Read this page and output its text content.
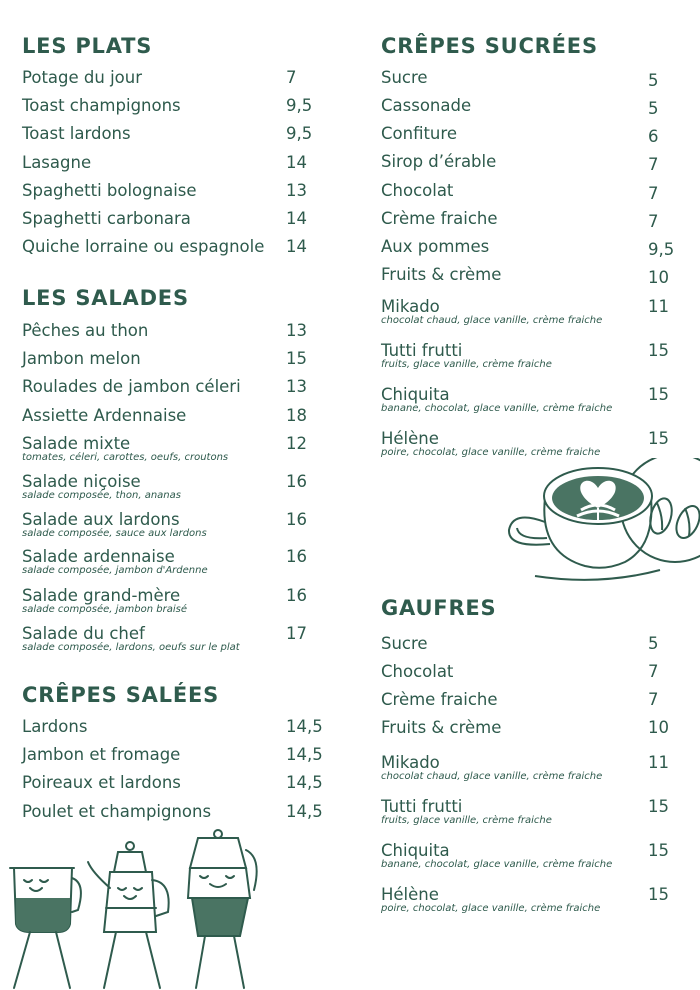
LES PLATS
Potage du jour	7
Toast champignons	9,5
Toast lardons	9,5
Lasagne	14
Spaghetti bolognaise	13
Spaghetti carbonara	14
Quiche lorraine ou espagnole 14
LES SALADES
Pêches au thon	13
Jambon melon	15
Roulades de jambon céleri	13
Assiette Ardennaise	18
Salade mixte	12
tomates, céleri, carottes, oeufs, croutons
Salade niçoise	16
salade composée, thon, ananas
Salade aux lardons	16
salade composée, sauce aux lardons
Salade ardennaise	16
salade composée, jambon d'Ardenne
Salade grand-mère	16
salade composée, jambon braisé
Salade du chef	17
salade composée, lardons, oeufs sur le plat
CRÊPES SALÉES
Lardons	14,5
Jambon et fromage	14,5
Poireaux et lardons	14,5
Poulet et champignons	14,5
CRÊPES SUCRÉES
Sucre	5
Cassonade	5
Confiture	6
Sirop d’érable	7
Chocolat	7
Crème fraiche	7
Aux pommes	9,5
Fruits & crème	10
Mikado	11
chocolat chaud, glace vanille, crème fraiche
Tutti frutti	15
fruits, glace vanille, crème fraiche
Chiquita	15
banane, chocolat, glace vanille, crème fraiche
Hélène	15
poire, chocolat, glace vanille, crème fraiche
GAUFRES
Sucre	5
Chocolat	7
Crème fraiche	7
Fruits & crème	10
Mikado	11
chocolat chaud, glace vanille, crème fraiche
Tutti frutti	15
fruits, glace vanille, crème fraiche
Chiquita	15
banane, chocolat, glace vanille, crème fraiche
Hélène	15
poire, chocolat, glace vanille, crème fraiche
